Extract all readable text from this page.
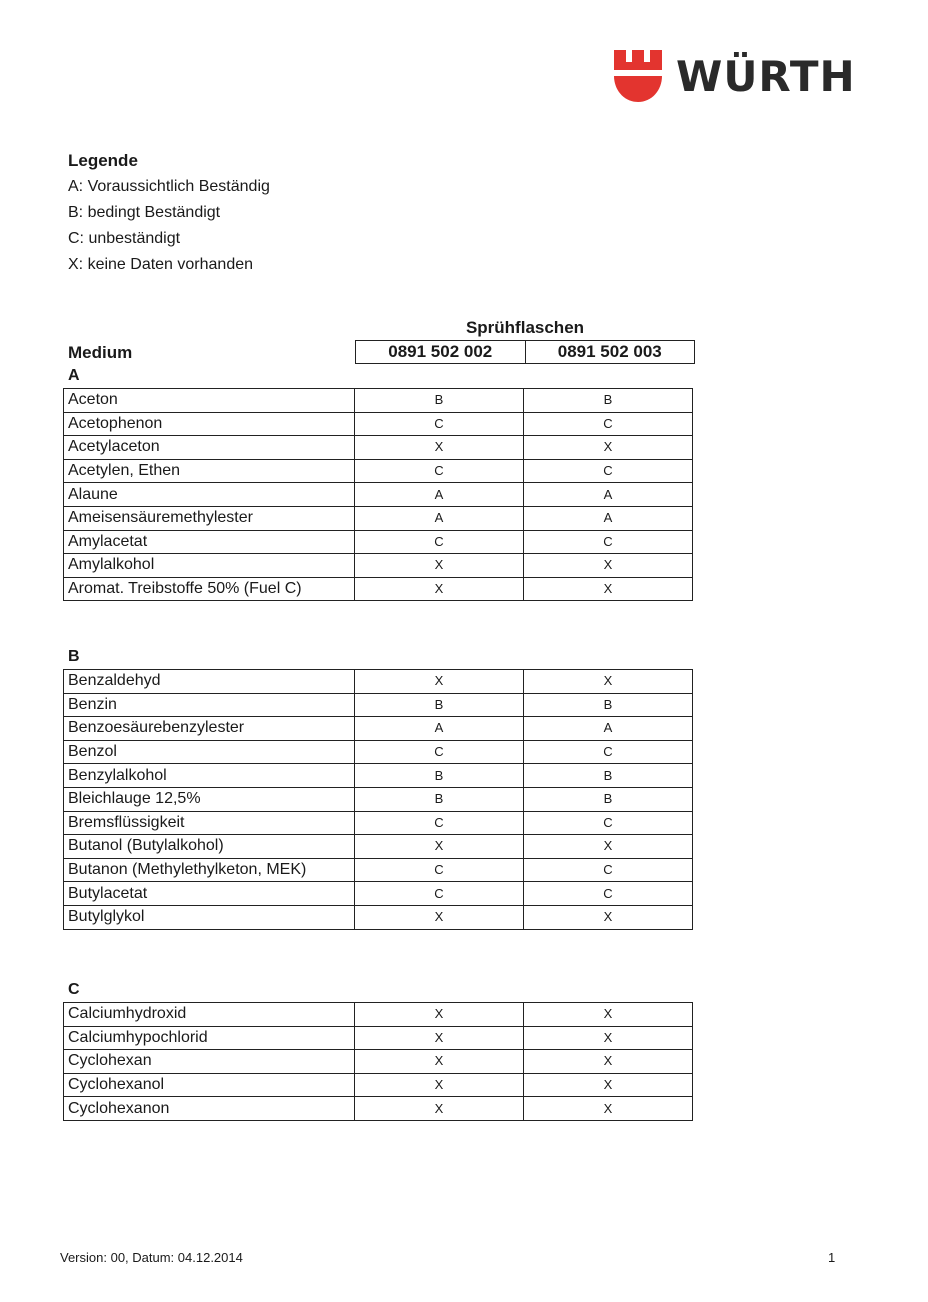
WÜRTH
Legende
A: Voraussichtlich Beständig
B: bedingt Beständigt
C: unbeständigt
X: keine Daten vorhanden
Sprühflaschen
Medium	0891 502 002	0891 502 003
A
Aceton	B	B
Acetophenon	C	C
Acetylaceton	X	X
Acetylen, Ethen	C	C
Alaune	A	A
Ameisensäuremethylester	A	A
Amylacetat	C	C
Amylalkohol	X	X
Aromat. Treibstoffe 50% (Fuel C)	X	X
B
Benzaldehyd	X	X
Benzin	B	B
Benzoesäurebenzylester	A	A
Benzol	C	C
Benzylalkohol	B	B
Bleichlauge 12,5%	B	B
Bremsflüssigkeit	C	C
Butanol (Butylalkohol)	X	X
Butanon (Methylethylketon, MEK)	C	C
Butylacetat	C	C
Butylglykol	X	X
C
Calciumhydroxid	X	X
Calciumhypochlorid	X	X
Cyclohexan	X	X
Cyclohexanol	X	X
Cyclohexanon	X	X
Version: 00, Datum: 04.12.2014	1
